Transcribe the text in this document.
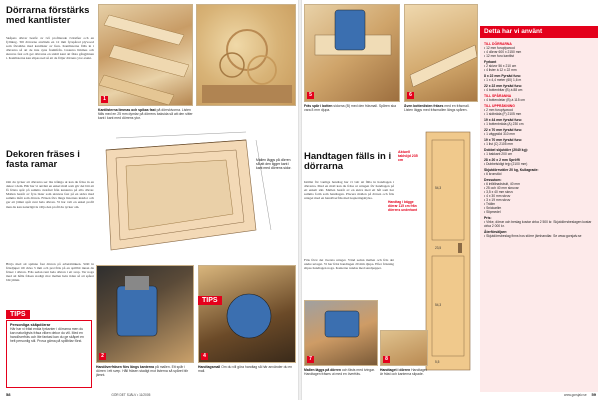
Dörrarna förstärks med kantlister
Skåpets dörrar består av två profilerade tvärslåar och en fyllning. Till dörrarna används en 12 mm fyrspårad plywood som förstärks med kantlister av furu. Kantlisterna fälls in i dörrarna så att de inte syns framifrån. Listerna limmas och skruvas fast och ger dörrarna en stabil kant att fästa gångjärnen i. Kantlisterna kan slipas ned så att de följer dörrens ytor exakt.
1
Kantlisterna limmas och spikas fast på dörrskivorna. Listen fälls med en 25 mm dymlar på dörrens baksida så att den sitter kant i kant med dörrens ytor.
Dekoren fräses i fasta ramar
Om du tycker att dörrarna ser lite tråkiga ut kan du fräsa in en dekor i dem. Här har vi använt en enkel mall som gör det lätt att få frästa spår på samma avstånd från kanterna på alla dörrar. Mallen består av fyra lister som skruvas fast på en skiva med samma mått som dörren. Fräsen förs längs listernas insidor och ger ett jämnt spår runt hela dörren. Vi har valt en enkel profil men du kan naturligtvis välja den profil du tycker om.
Börja med att spänna fast dörren på arbetsbänken. Ställ in fräsdjupet till cirka 3 mm och provfräs på en spillbit innan du fräser i dörren. Fräs sedan runt hela dörren i ett svep. Var noga med att hålla fräsen stadigt mot mallen hela tiden så att spåret blir jämnt.
Mallen läggs på dörren så att den ligger kant i kant med dörrens sidor.
2
Handöverfräsen förs längs kanterna på mallen. Ett spår i dörren i ett svep. Håll fräsen stadigt mot listerna så spåret blir jämnt.
4
Handtagsmall Om du vill göra handtag så här använder du en mall.
TIPS
Personliga skåpdörrar
Här har vi fräst enkla fyrkanter i dörrarna men du kan naturligtvis fräsa vilken dekor du vill. Med en handöverfräs och lite fantasi kan du ge skåpet en helt personlig stil. Prova gärna på spillbitar först.
TIPS
58	GÖR DET SJÄLV • 11/2005
5
Fräs spår i botten sidorna (B) med den fräsmall. Spåren ska vara 8 mm djupa.
6
Även bottenlisten fräses med en fräsmall. Listen läggs med fräsmallen längs spåren.
Handtagen fälls in i dörrarna
Istället för vanliga handtag har vi valt att fälla in handtagen i dörrarna. Med en mall kan du fräsa ut urtagen för handtagen på ett enkelt sätt. Mallen består av en skiva med ett hål som har samma form som handtagen. Placera mallen på dörren och fräs urtaget med en handöverfräs med kopieringshylsa.
Fräs först det översta urtaget. Vänd sedan mallen och fräs det undre urtaget. Vi har fräst handtagen 20 mm djupa. Efter fräsning slipas handtagen noga. Kanterna rundas med sandpapper.
54,3
23,5
54,3
5,5
Aktuell takhöjd 235 cm
Handtag i bägge dörrar 115 cm från dörrens underkant
7
Mallen läggs på dörren och fästs med tvingar. Handtagen fräses ut med en överfräs.
8
Handtaget i dörren Handtaget är fräst och kanterna slipade.
www.gorsjalv.se 59
Detta har vi använt
TILL DÖRRARNA
• 12 mm furuplywood
• 4 dörrar 600 x 2150 mm
• 12 mm furu kantlist
Fyrkant
• 2 skivor 56 x 210 cm
• 4 lister á 12 x 22 mm
8 x 22 mm Fyrsäd furu:
• 1 x 4,4 meter (60) 1,6 m
22 x 22 mm fyrsäd furu:
• 4 bottenbitar (B) á 88 cm
TILL SPÅRANNA
• 4 bottendelar (B) á 115 cm
TILL UPPRÄKNING
• 2 mm furuplywood
• 1 sidbräda (F) 2105 mm
19 x 44 mm fyrsäd furu:
• 1 bottenbräda (A) 230 cm
22 x 70 mm fyrsäd furu:
• 1 väggstöd 310 mm
19 x 70 mm fyrsäd furu:
• 1 list (C) 2105 mm
Dobbel skjutdörr (2040 kg):
• 1 bakkant 200 cm
28 x 20 x 2 mm Spröffi
• Dubbelsidigt tejp (2100 mm)
Skjutdörrsräler 20 kg, Kullagrade:
• 6 kronstöd
Dessutom:
• 6 infällnadsbult, 40 mm
• 25 och 40 mm skruvar
• 3,5 x 40 mm skruv
• 4 x 30 mm skruv
• 3 x 19 mm skruv
• Trälim
• Snickarlim
• Slipmedel
Pris:
• Virke, dörrar och beslag kostar cirka 2 500 kr. Skjutdörrsbeslagen kostar cirka 2 000 kr.
Återförsäljare:
• Skjutdörrsbeslag finns hos större järnhandlar. Se www.gorsjalv.se
